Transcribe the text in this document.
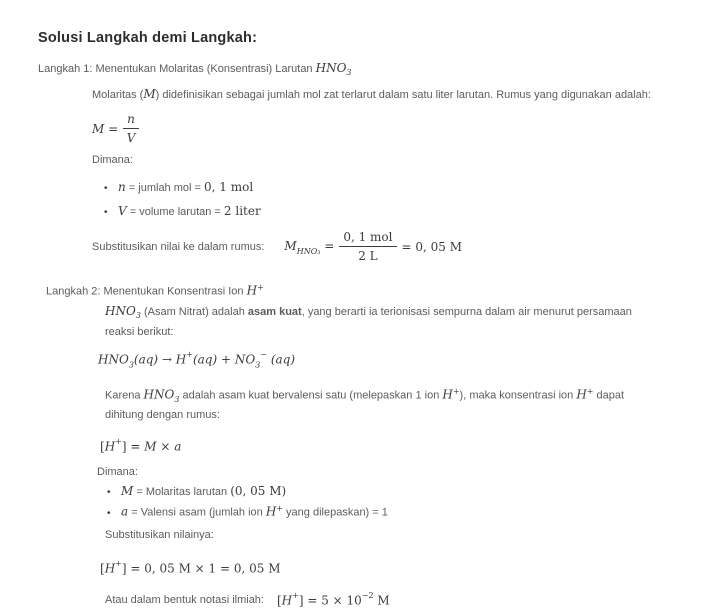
Solusi Langkah demi Langkah:
Langkah 1: Menentukan Molaritas (Konsentrasi) Larutan $HNO_3$

Molaritas (M) didefinisikan sebagai jumlah mol zat terlarut dalam satu liter larutan. Rumus yang digunakan adalah:

$M = \frac{n}{V}$

Dimana:

• n = jumlah mol = 0, 1 mol
• V = volume larutan = 2 liter
Substitusikan nilai ke dalam rumus: $M_{HNO_3} = \frac{\text{0, 1 mol}}{2 L} = 0$, 05 M
Langkah 2: Menentukan Konsentrasi Ion H+

$HNO_3$ (Asam Nitrat) adalah asam kuat, yang berarti ia terionisasi sempurna dalam air menurut persamaan reaksi berikut:

$HNO_3(aq) \to H^+(aq) + NO_3^-$ (aq)

Karena $HNO_3$ adalah asam kuat bervalensi satu (melepaskan 1 ion H+), maka konsentrasi ion H+ dapat dihitung dengan rumus:

[H+] = M × a

Dimana:

• M = Molaritas larutan (0, 05 M)
• a = Valensi asam (jumlah ion H+ yang dilepaskan) = 1

Substitusikan nilainya:

[H+] = 0, 05 M × 1 = 0, 05 M
Atau dalam bentuk notasi ilmiah: $[H^+] = 5 \times 10^{-2}$ M
